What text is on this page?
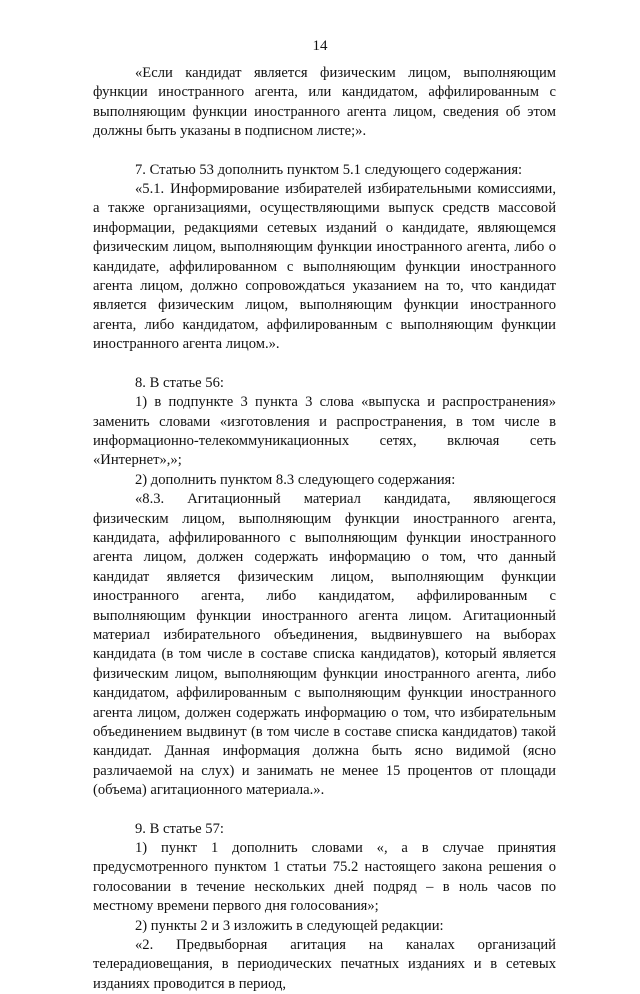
14

«Если кандидат является физическим лицом, выполняющим функции иностранного агента, или кандидатом, аффилированным с выполняющим функции иностранного агента лицом, сведения об этом должны быть указаны в подписном листе;».

7. Статью 53 дополнить пунктом 5.1 следующего содержания:

«5.1. Информирование избирателей избирательными комиссиями, а также организациями, осуществляющими выпуск средств массовой информации, редакциями сетевых изданий о кандидате, являющемся физическим лицом, выполняющим функции иностранного агента, либо о кандидате, аффилированном с выполняющим функции иностранного агента лицом, должно сопровождаться указанием на то, что кандидат является физическим лицом, выполняющим функции иностранного агента, либо кандидатом, аффилированным с выполняющим функции иностранного агента лицом.».

8. В статье 56:

1) в подпункте 3 пункта 3 слова «выпуска и распространения» заменить словами «изготовления и распространения, в том числе в информационно-телекоммуникационных сетях, включая сеть «Интернет»,»;

2) дополнить пунктом 8.3 следующего содержания:

«8.3. Агитационный материал кандидата, являющегося физическим лицом, выполняющим функции иностранного агента, кандидата, аффилированного с выполняющим функции иностранного агента лицом, должен содержать информацию о том, что данный кандидат является физическим лицом, выполняющим функции иностранного агента, либо кандидатом, аффилированным с выполняющим функции иностранного агента лицом. Агитационный материал избирательного объединения, выдвинувшего на выборах кандидата (в том числе в составе списка кандидатов), который является физическим лицом, выполняющим функции иностранного агента, либо кандидатом, аффилированным с выполняющим функции иностранного агента лицом, должен содержать информацию о том, что избирательным объединением выдвинут (в том числе в составе списка кандидатов) такой кандидат. Данная информация должна быть ясно видимой (ясно различаемой на слух) и занимать не менее 15 процентов от площади (объема) агитационного материала.».

9. В статье 57:

1) пункт 1 дополнить словами «, а в случае принятия предусмотренного пунктом 1 статьи 75.2 настоящего закона решения о голосовании в течение нескольких дней подряд – в ноль часов по местному времени первого дня голосования»;

2) пункты 2 и 3 изложить в следующей редакции:

«2. Предвыборная агитация на каналах организаций телерадиовещания, в периодических печатных изданиях и в сетевых изданиях проводится в период,
